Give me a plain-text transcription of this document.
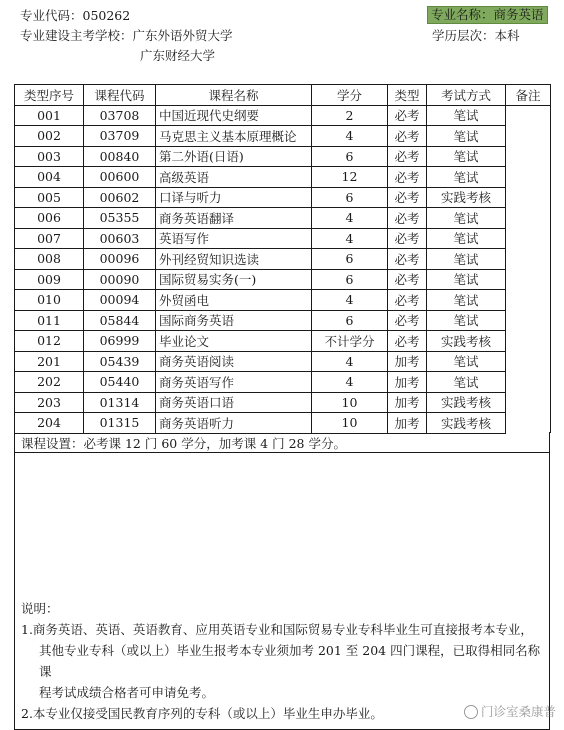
专业代码：050262	专业名称：商务英语
专业建设主考学校：广东外语外贸大学	学历层次：本科
广东财经大学
类型序号	课程代码	课程名称	学分	类型	考试方式	备注
001	03708	中国近现代史纲要	2	必考	笔试	
002	03709	马克思主义基本原理概论	4	必考	笔试	
003	00840	第二外语(日语)	6	必考	笔试	
004	00600	高级英语	12	必考	笔试	
005	00602	口译与听力	6	必考	实践考核	
006	05355	商务英语翻译	4	必考	笔试	
007	00603	英语写作	4	必考	笔试	
008	00096	外刊经贸知识选读	6	必考	笔试	
009	00090	国际贸易实务(一)	6	必考	笔试	
010	00094	外贸函电	4	必考	笔试	
011	05844	国际商务英语	6	必考	笔试	
012	06999	毕业论文	不计学分	必考	实践考核	
201	05439	商务英语阅读	4	加考	笔试	
202	05440	商务英语写作	4	加考	笔试	
203	01314	商务英语口语	10	加考	实践考核	
204	01315	商务英语听力	10	加考	实践考核	
课程设置：必考课 12 门 60 学分，加考课 4 门 28 学分。
说明：
1.商务英语、英语、英语教育、应用英语专业和国际贸易专业专科毕业生可直接报考本专业，
其他专业专科（或以上）毕业生报考本专业须加考 201 至 204 四门课程，已取得相同名称课
程考试成绩合格者可申请免考。
2.本专业仅接受国民教育序列的专科（或以上）毕业生申办毕业。	门诊室桑康普
